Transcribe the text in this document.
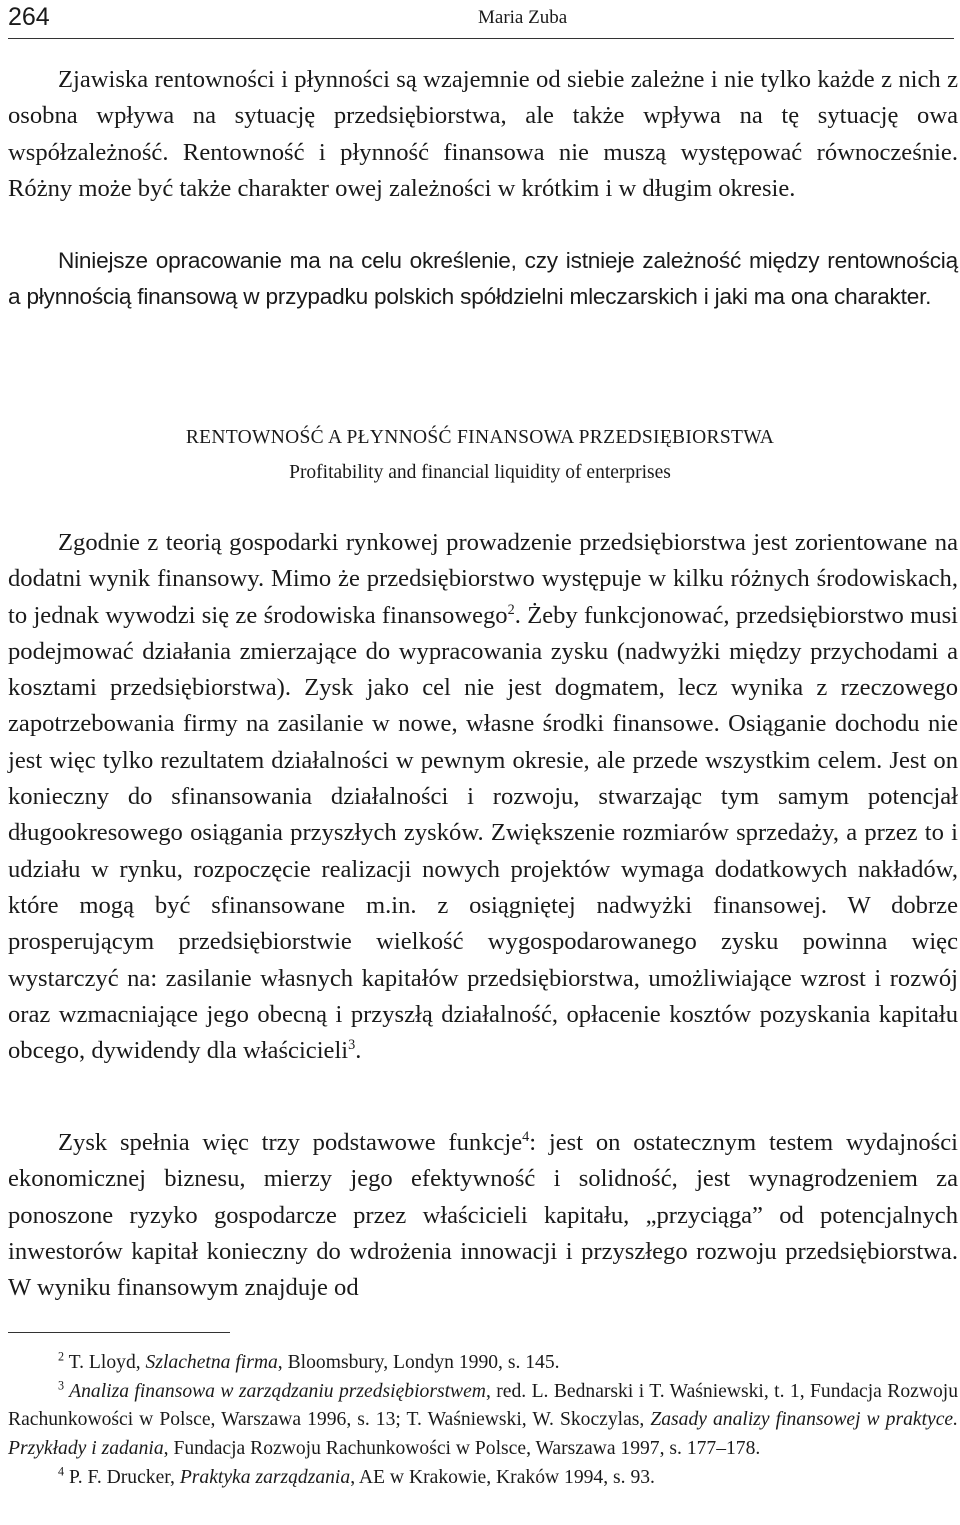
264	Maria Zuba

Zjawiska rentowności i płynności są wzajemnie od siebie zależne i nie tylko każde z nich z osobna wpływa na sytuację przedsiębiorstwa, ale także wpływa na tę sytuację owa współzależność. Rentowność i płynność finansowa nie muszą występować równocześnie. Różny może być także charakter owej zależności w krótkim i w długim okresie.

Niniejsze opracowanie ma na celu określenie, czy istnieje zależność między rentownością a płynnością finansową w przypadku polskich spółdzielni mleczarskich i jaki ma ona charakter.

RENTOWNOŚĆ A PŁYNNOŚĆ FINANSOWA PRZEDSIĘBIORSTWA
Profitability and financial liquidity of enterprises

Zgodnie z teorią gospodarki rynkowej prowadzenie przedsiębiorstwa jest zorientowane na dodatni wynik finansowy. Mimo że przedsiębiorstwo występuje w kilku różnych środowiskach, to jednak wywodzi się ze środowiska finansowego$^2$. Żeby funkcjonować, przedsiębiorstwo musi podejmować działania zmierzające do wypracowania zysku (nadwyżki między przychodami a kosztami przedsiębiorstwa). Zysk jako cel nie jest dogmatem, lecz wynika z rzeczowego zapotrzebowania firmy na zasilanie w nowe, własne środki finansowe. Osiąganie dochodu nie jest więc tylko rezultatem działalności w pewnym okresie, ale przede wszystkim celem. Jest on konieczny do sfinansowania działalności i rozwoju, stwarzając tym samym potencjał długookresowego osiągania przyszłych zysków. Zwiększenie rozmiarów sprzedaży, a przez to i udziału w rynku, rozpoczęcie realizacji nowych projektów wymaga dodatkowych nakładów, które mogą być sfinansowane m.in. z osiągniętej nadwyżki finansowej. W dobrze prosperującym przedsiębiorstwie wielkość wygospodarowanego zysku powinna więc wystarczyć na: zasilanie własnych kapitałów przedsiębiorstwa, umożliwiające wzrost i rozwój oraz wzmacniające jego obecną i przyszłą działalność, opłacenie kosztów pozyskania kapitału obcego, dywidendy dla właścicieli$^3$.

Zysk spełnia więc trzy podstawowe funkcje$^4$: jest on ostatecznym testem wydajności ekonomicznej biznesu, mierzy jego efektywność i solidność, jest wynagrodzeniem za ponoszone ryzyko gospodarcze przez właścicieli kapitału, „przyciąga” od potencjalnych inwestorów kapitał konieczny do wdrożenia innowacji i przyszłego rozwoju przedsiębiorstwa. W wyniku finansowym znajduje od

$^2$ T. Lloyd, Szlachetna firma, Bloomsbury, Londyn 1990, s. 145.

$^3$ Analiza finansowa w zarządzaniu przedsiębiorstwem, red. L. Bednarski i T. Waśniewski, t. 1, Fundacja Rozwoju Rachunkowości w Polsce, Warszawa 1996, s. 13; T. Waśniewski, W. Skoczylas, Zasady analizy finansowej w praktyce. Przykłady i zadania, Fundacja Rozwoju Rachunkowości w Polsce, Warszawa 1997, s. 177–178.

$^4$ P. F. Drucker, Praktyka zarządzania, AE w Krakowie, Kraków 1994, s. 93.
